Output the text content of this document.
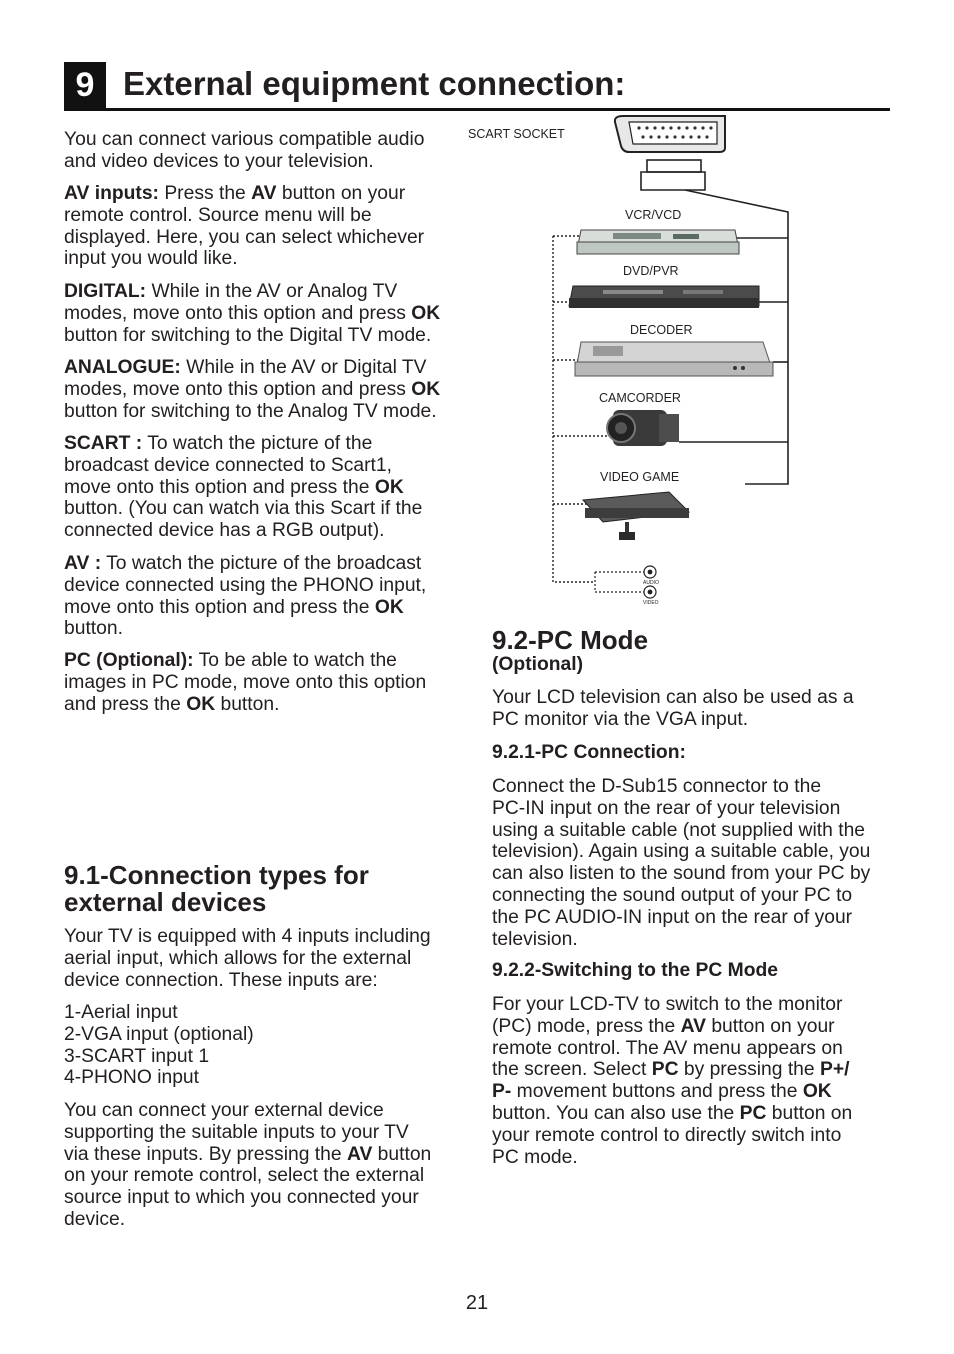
9 External equipment connection:

You can connect various compatible audio
and video devices to your television.

AV inputs: Press the AV button on your
remote control. Source menu will be
displayed. Here, you can select whichever
input you would like.

DIGITAL: While in the AV or Analog TV
modes, move onto this option and press OK
button for switching to the Digital TV mode.

ANALOGUE: While in the AV or Digital TV
modes, move onto this option and press OK
button for switching to the Analog TV mode.

SCART : To watch the picture of the
broadcast device connected to Scart1,
move onto this option and press the OK
button. (You can watch via this Scart if the
connected device has a RGB output).

AV : To watch the picture of the broadcast
device connected using the PHONO input,
move onto this option and press the OK
button.

PC (Optional): To be able to watch the
images in PC mode, move onto this option
and press the OK button.

9.1-Connection types for
external devices

Your TV is equipped with 4 inputs including
aerial input, which allows for the external
device connection. These inputs are:

1-Aerial input
2-VGA input (optional)
3-SCART input 1
4-PHONO input

You can connect your external device
supporting the suitable inputs to your TV
via these inputs. By pressing the AV button
on your remote control, select the external
source input to which you connected your
device.

SCART SOCKET
VCR/VCD
DVD/PVR
DECODER
CAMCORDER
VIDEO GAME
AUDIO
VIDEO
9.2-PC Mode
(Optional)

Your LCD television can also be used as a
PC monitor via the VGA input.

9.2.1-PC Connection:

Connect the D-Sub15 connector to the
PC-IN input on the rear of your television
using a suitable cable (not supplied with the
television). Again using a suitable cable, you
can also listen to the sound from your PC by
connecting the sound output of your PC to
the PC AUDIO-IN input on the rear of your
television.

9.2.2-Switching to the PC Mode

For your LCD-TV to switch to the monitor
(PC) mode, press the AV button on your
remote control. The AV menu appears on
the screen. Select PC by pressing the P+/
P- movement buttons and press the OK
button. You can also use the PC button on
your remote control to directly switch into
PC mode.

21
